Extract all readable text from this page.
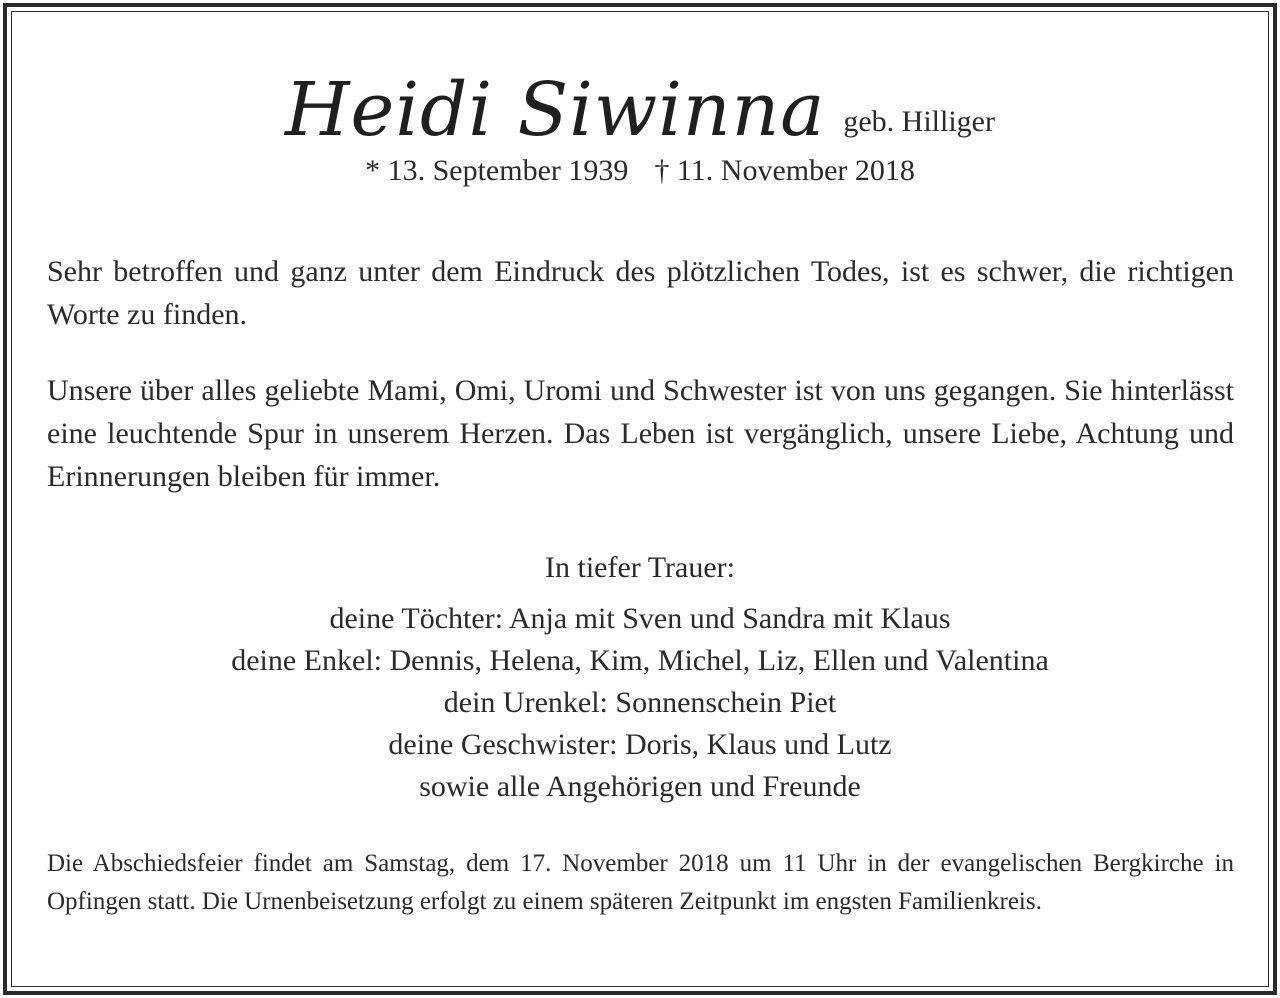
Heidi Siwinna geb. Hilliger
* 13. September 1939 † 11. November 2018
Sehr betroffen und ganz unter dem Eindruck des plötzlichen Todes, ist es schwer, die richtigen Worte zu finden.
Unsere über alles geliebte Mami, Omi, Uromi und Schwester ist von uns gegangen. Sie hinterlässt eine leuchtende Spur in unserem Herzen. Das Leben ist vergänglich, unsere Liebe, Achtung und Erinnerungen bleiben für immer.
In tiefer Trauer:
deine Töchter: Anja mit Sven und Sandra mit Klaus
deine Enkel: Dennis, Helena, Kim, Michel, Liz, Ellen und Valentina
dein Urenkel: Sonnenschein Piet
deine Geschwister: Doris, Klaus und Lutz
sowie alle Angehörigen und Freunde
Die Abschiedsfeier findet am Samstag, dem 17. November 2018 um 11 Uhr in der evangelischen Bergkirche in Opfingen statt. Die Urnenbeisetzung erfolgt zu einem späteren Zeitpunkt im engsten Familienkreis.
